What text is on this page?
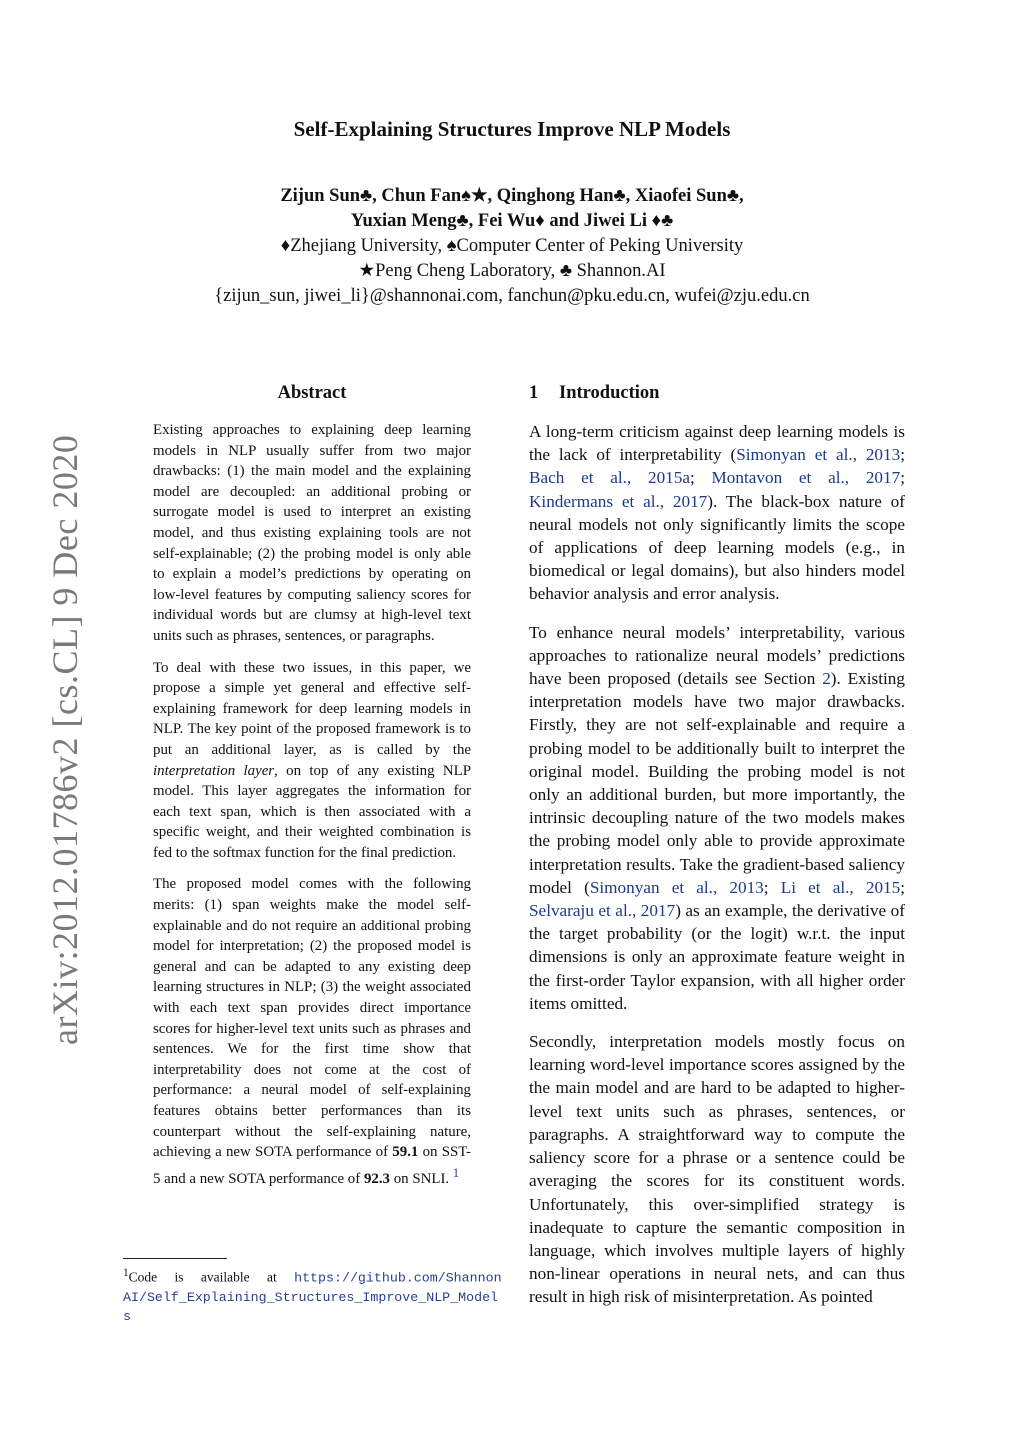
arXiv:2012.01786v2 [cs.CL] 9 Dec 2020
Self-Explaining Structures Improve NLP Models
Zijun Sun♣, Chun Fan♠★, Qinghong Han♣, Xiaofei Sun♣,
Yuxian Meng♣, Fei Wu♦ and Jiwei Li ♦♣
♦Zhejiang University, ♠Computer Center of Peking University
★Peng Cheng Laboratory, ♣ Shannon.AI
{zijun_sun, jiwei_li}@shannonai.com, fanchun@pku.edu.cn, wufei@zju.edu.cn
Abstract

Existing approaches to explaining deep learning models in NLP usually suffer from two major drawbacks: (1) the main model and the explaining model are decoupled: an additional probing or surrogate model is used to interpret an existing model, and thus existing explaining tools are not self-explainable; (2) the probing model is only able to explain a model’s predictions by operating on low-level features by computing saliency scores for individual words but are clumsy at high-level text units such as phrases, sentences, or paragraphs.

To deal with these two issues, in this paper, we propose a simple yet general and effective self-explaining framework for deep learning models in NLP. The key point of the proposed framework is to put an additional layer, as is called by the interpretation layer, on top of any existing NLP model. This layer aggregates the information for each text span, which is then associated with a specific weight, and their weighted combination is fed to the softmax function for the final prediction.

The proposed model comes with the following merits: (1) span weights make the model self-explainable and do not require an additional probing model for interpretation; (2) the proposed model is general and can be adapted to any existing deep learning structures in NLP; (3) the weight associated with each text span provides direct importance scores for higher-level text units such as phrases and sentences. We for the first time show that interpretability does not come at the cost of performance: a neural model of self-explaining features obtains better performances than its counterpart without the self-explaining nature, achieving a new SOTA performance of 59.1 on SST-5 and a new SOTA performance of 92.3 on SNLI. $^1$

$^1$Code is available at https://github.com/ShannonAI/Self_Explaining_Structures_Improve_NLP_Models
1 Introduction

A long-term criticism against deep learning models is the lack of interpretability (Simonyan et al., 2013; Bach et al., 2015a; Montavon et al., 2017; Kindermans et al., 2017). The black-box nature of neural models not only significantly limits the scope of applications of deep learning models (e.g., in biomedical or legal domains), but also hinders model behavior analysis and error analysis.

To enhance neural models’ interpretability, various approaches to rationalize neural models’ predictions have been proposed (details see Section 2). Existing interpretation models have two major drawbacks. Firstly, they are not self-explainable and require a probing model to be additionally built to interpret the original model. Building the probing model is not only an additional burden, but more importantly, the intrinsic decoupling nature of the two models makes the probing model only able to provide approximate interpretation results. Take the gradient-based saliency model (Simonyan et al., 2013; Li et al., 2015; Selvaraju et al., 2017) as an example, the derivative of the target probability (or the logit) w.r.t. the input dimensions is only an approximate feature weight in the first-order Taylor expansion, with all higher order items omitted.

Secondly, interpretation models mostly focus on learning word-level importance scores assigned by the the main model and are hard to be adapted to higher-level text units such as phrases, sentences, or paragraphs. A straightforward way to compute the saliency score for a phrase or a sentence could be averaging the scores for its constituent words. Unfortunately, this over-simplified strategy is inadequate to capture the semantic composition in language, which involves multiple layers of highly non-linear operations in neural nets, and can thus result in high risk of misinterpretation. As pointed
